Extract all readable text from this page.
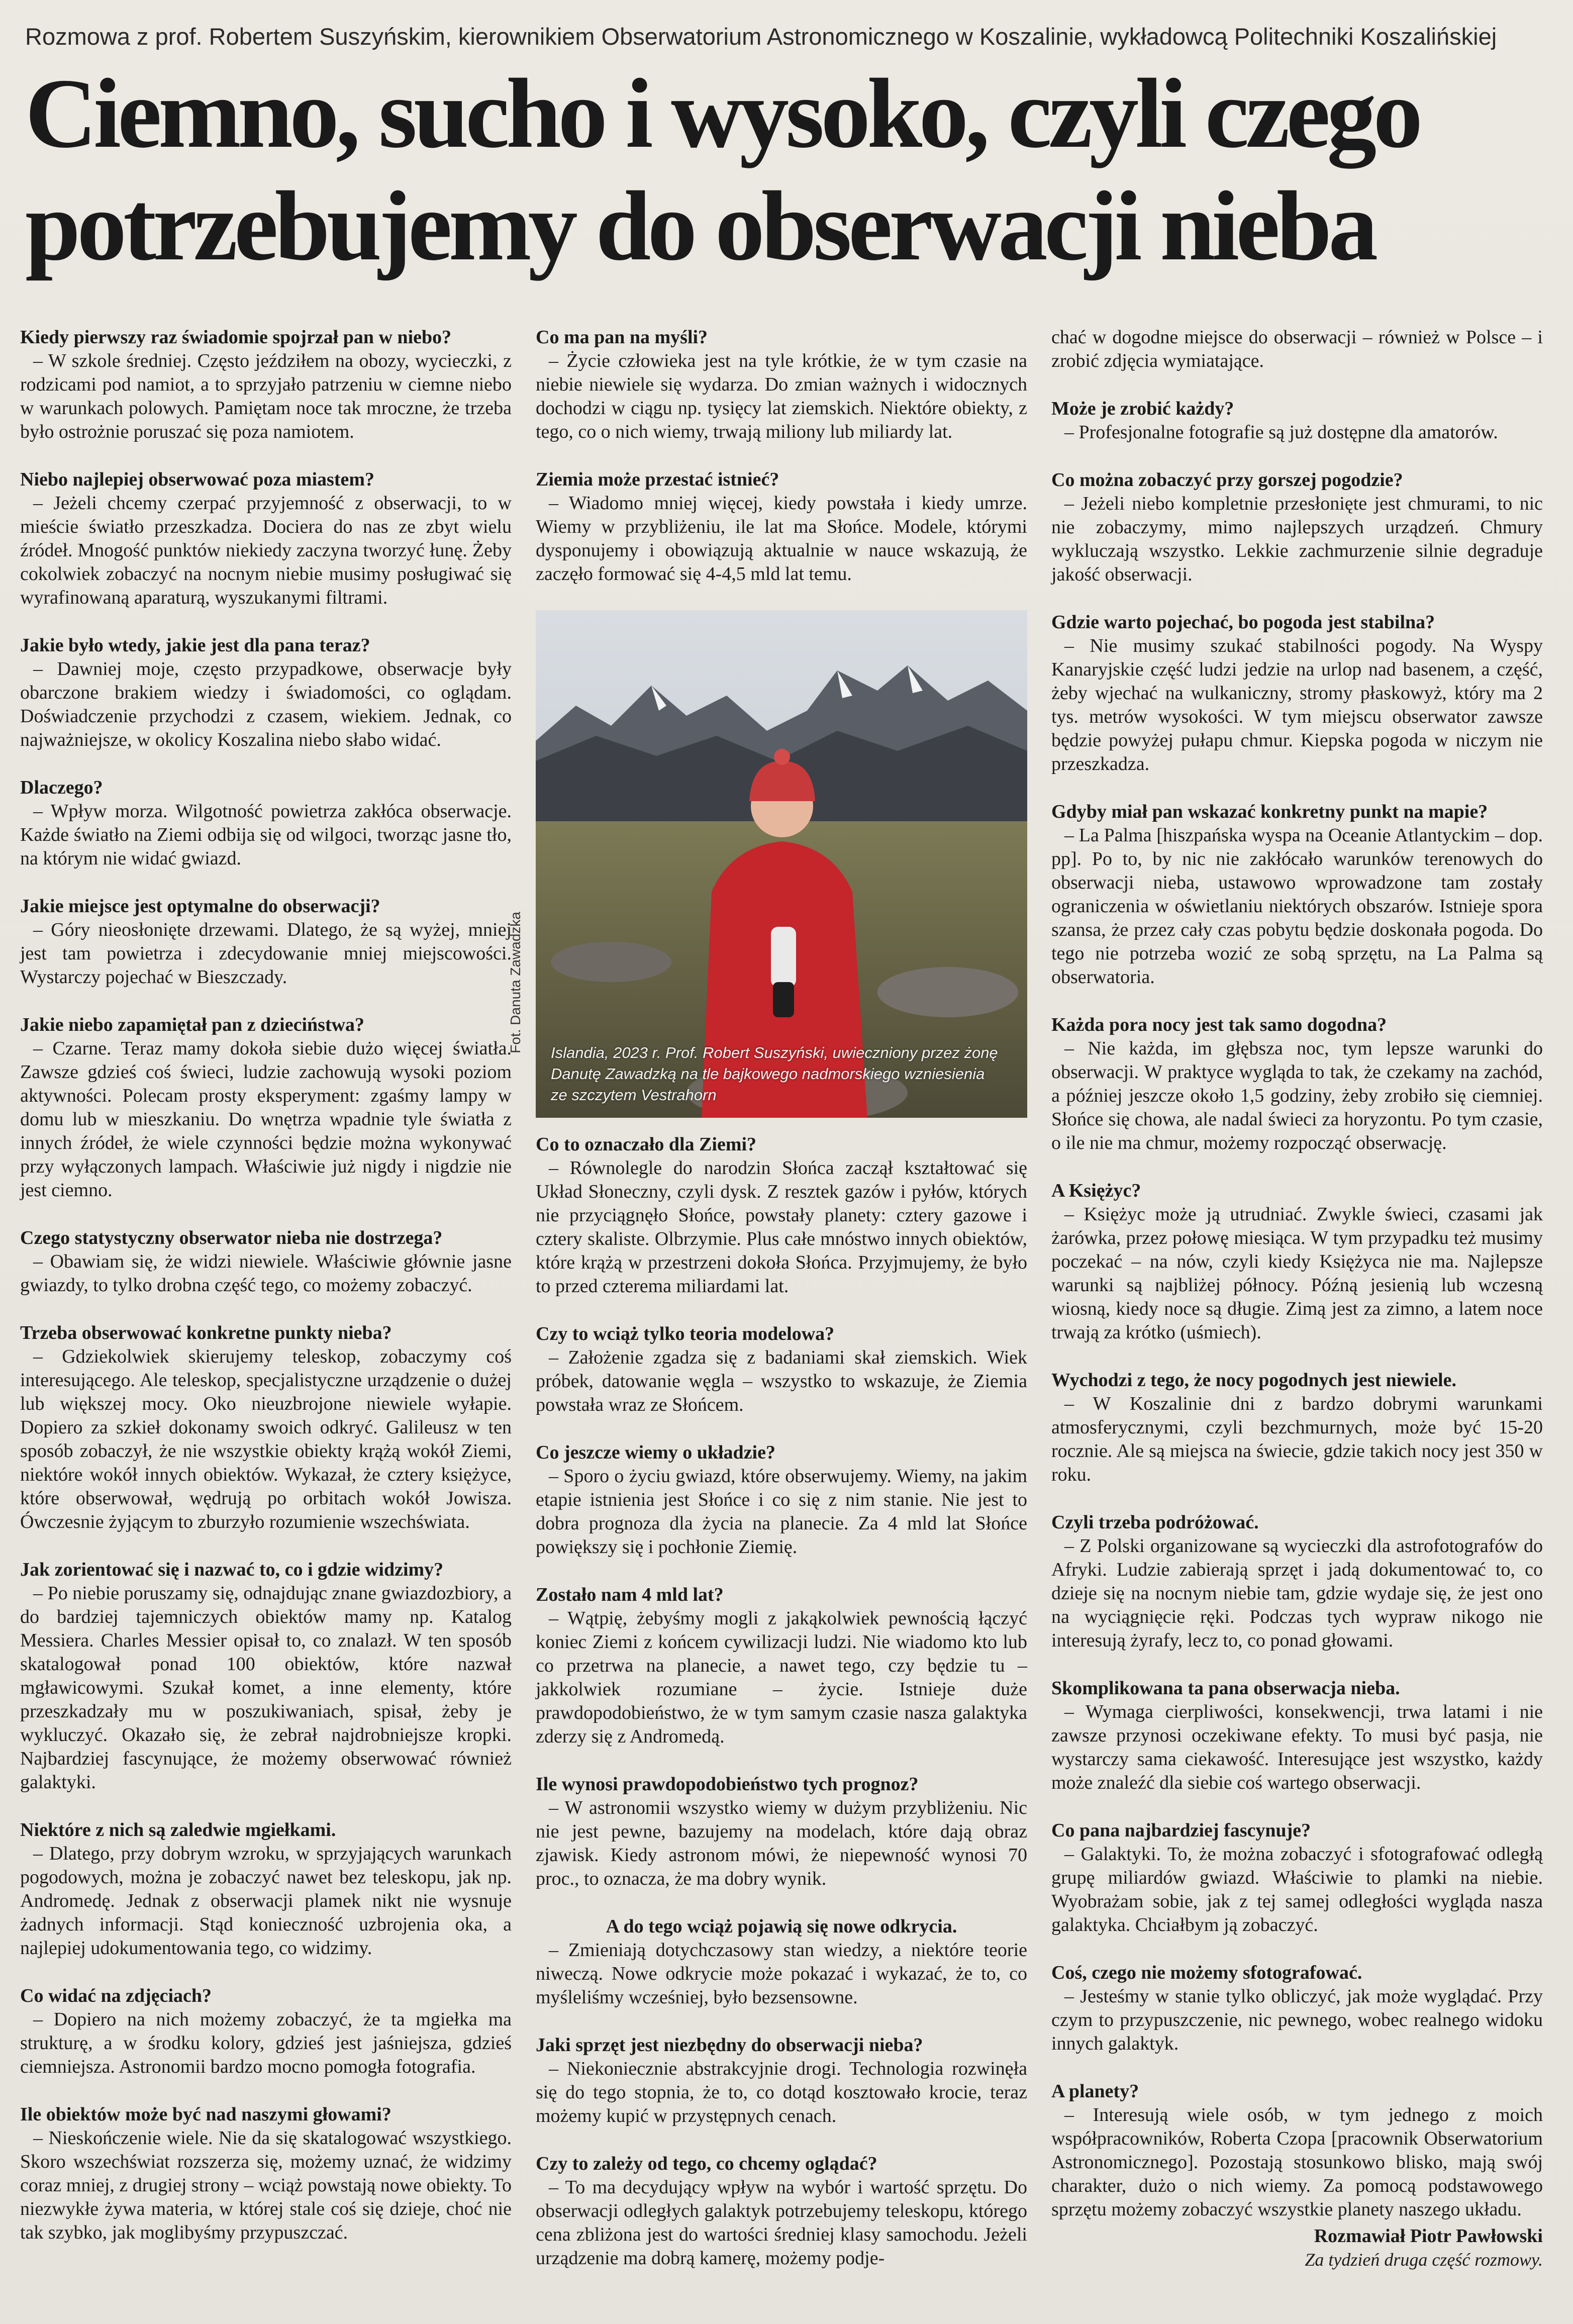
Rozmowa z prof. Robertem Suszyńskim, kierownikiem Obserwatorium Astronomicznego w Koszalinie, wykładowcą Politechniki Koszalińskiej
Ciemno, sucho i wysoko, czyli czego
potrzebujemy do obserwacji nieba

Kiedy pierwszy raz świadomie spojrzał pan w niebo?

– W szkole średniej. Często jeździłem na obozy, wycieczki, z rodzicami pod namiot, a to sprzyjało patrzeniu w ciemne niebo w warunkach polowych. Pamiętam noce tak mroczne, że trzeba było ostrożnie poruszać się poza namiotem.

Niebo najlepiej obserwować poza miastem?

– Jeżeli chcemy czerpać przyjemność z obserwacji, to w mieście światło przeszkadza. Dociera do nas ze zbyt wielu źródeł. Mnogość punktów niekiedy zaczyna tworzyć łunę. Żeby cokolwiek zobaczyć na nocnym niebie musimy posługiwać się wyrafinowaną aparaturą, wyszukanymi filtrami.

Jakie było wtedy, jakie jest dla pana teraz?

– Dawniej moje, często przypadkowe, obserwacje były obarczone brakiem wiedzy i świadomości, co oglądam. Doświadczenie przychodzi z czasem, wiekiem. Jednak, co najważniejsze, w okolicy Koszalina niebo słabo widać.

Dlaczego?

– Wpływ morza. Wilgotność powietrza zakłóca obserwacje. Każde światło na Ziemi odbija się od wilgoci, tworząc jasne tło, na którym nie widać gwiazd.

Jakie miejsce jest optymalne do obserwacji?

– Góry nieosłonięte drzewami. Dlatego, że są wyżej, mniej jest tam powietrza i zdecydowanie mniej miejscowości. Wystarczy pojechać w Bieszczady.

Jakie niebo zapamiętał pan z dzieciństwa?

– Czarne. Teraz mamy dokoła siebie dużo więcej światła. Zawsze gdzieś coś świeci, ludzie zachowują wysoki poziom aktywności. Polecam prosty eksperyment: zgaśmy lampy w domu lub w mieszkaniu. Do wnętrza wpadnie tyle światła z innych źródeł, że wiele czynności będzie można wykonywać przy wyłączonych lampach. Właściwie już nigdy i nigdzie nie jest ciemno.

Czego statystyczny obserwator nieba nie dostrzega?

– Obawiam się, że widzi niewiele. Właściwie głównie jasne gwiazdy, to tylko drobna część tego, co możemy zobaczyć.

Trzeba obserwować konkretne punkty nieba?

– Gdziekolwiek skierujemy teleskop, zobaczymy coś interesującego. Ale teleskop, specjalistyczne urządzenie o dużej lub większej mocy. Oko nieuzbrojone niewiele wyłapie. Dopiero za szkieł dokonamy swoich odkryć. Galileusz w ten sposób zobaczył, że nie wszystkie obiekty krążą wokół Ziemi, niektóre wokół innych obiektów. Wykazał, że cztery księżyce, które obserwował, wędrują po orbitach wokół Jowisza. Ówczesnie żyjącym to zburzyło rozumienie wszechświata.

Jak zorientować się i nazwać to, co i gdzie widzimy?

– Po niebie poruszamy się, odnajdując znane gwiazdozbiory, a do bardziej tajemniczych obiektów mamy np. Katalog Messiera. Charles Messier opisał to, co znalazł. W ten sposób skatalogował ponad 100 obiektów, które nazwał mgławicowymi. Szukał komet, a inne elementy, które przeszkadzały mu w poszukiwaniach, spisał, żeby je wykluczyć. Okazało się, że zebrał najdrobniejsze kropki. Najbardziej fascynujące, że możemy obserwować również galaktyki.

Niektóre z nich są zaledwie mgiełkami.

– Dlatego, przy dobrym wzroku, w sprzyjających warunkach pogodowych, można je zobaczyć nawet bez teleskopu, jak np. Andromedę. Jednak z obserwacji plamek nikt nie wysnuje żadnych informacji. Stąd konieczność uzbrojenia oka, a najlepiej udokumentowania tego, co widzimy.

Co widać na zdjęciach?

– Dopiero na nich możemy zobaczyć, że ta mgiełka ma strukturę, a w środku kolory, gdzieś jest jaśniejsza, gdzieś ciemniejsza. Astronomii bardzo mocno pomogła fotografia.

Ile obiektów może być nad naszymi głowami?

– Nieskończenie wiele. Nie da się skatalogować wszystkiego. Skoro wszechświat rozszerza się, możemy uznać, że widzimy coraz mniej, z drugiej strony – wciąż powstają nowe obiekty. To niezwykłe żywa materia, w której stale coś się dzieje, choć nie tak szybko, jak moglibyśmy przypuszczać.

Co ma pan na myśli?

– Życie człowieka jest na tyle krótkie, że w tym czasie na niebie niewiele się wydarza. Do zmian ważnych i widocznych dochodzi w ciągu np. tysięcy lat ziemskich. Niektóre obiekty, z tego, co o nich wiemy, trwają miliony lub miliardy lat.

Ziemia może przestać istnieć?

– Wiadomo mniej więcej, kiedy powstała i kiedy umrze. Wiemy w przybliżeniu, ile lat ma Słońce. Modele, którymi dysponujemy i obowiązują aktualnie w nauce wskazują, że zaczęło formować się 4-4,5 mld lat temu.

Islandia, 2023 r. Prof. Robert Suszyński, uwieczniony przez żonę Danutę Zawadzką na tle bajkowego nadmorskiego wzniesienia ze szczytem Vestrahorn
Fot. Danuta Zawadzka

Co to oznaczało dla Ziemi?

– Równolegle do narodzin Słońca zaczął kształtować się Układ Słoneczny, czyli dysk. Z resztek gazów i pyłów, których nie przyciągnęło Słońce, powstały planety: cztery gazowe i cztery skaliste. Olbrzymie. Plus całe mnóstwo innych obiektów, które krążą w przestrzeni dokoła Słońca. Przyjmujemy, że było to przed czterema miliardami lat.

Czy to wciąż tylko teoria modelowa?

– Założenie zgadza się z badaniami skał ziemskich. Wiek próbek, datowanie węgla – wszystko to wskazuje, że Ziemia powstała wraz ze Słońcem.

Co jeszcze wiemy o układzie?

– Sporo o życiu gwiazd, które obserwujemy. Wiemy, na jakim etapie istnienia jest Słońce i co się z nim stanie. Nie jest to dobra prognoza dla życia na planecie. Za 4 mld lat Słońce powiększy się i pochłonie Ziemię.

Zostało nam 4 mld lat?

– Wątpię, żebyśmy mogli z jakąkolwiek pewnością łączyć koniec Ziemi z końcem cywilizacji ludzi. Nie wiadomo kto lub co przetrwa na planecie, a nawet tego, czy będzie tu – jakkolwiek rozumiane – życie. Istnieje duże prawdopodobieństwo, że w tym samym czasie nasza galaktyka zderzy się z Andromedą.

Ile wynosi prawdopodobieństwo tych prognoz?

– W astronomii wszystko wiemy w dużym przybliżeniu. Nic nie jest pewne, bazujemy na modelach, które dają obraz zjawisk. Kiedy astronom mówi, że niepewność wynosi 70 proc., to oznacza, że ma dobry wynik.

A do tego wciąż pojawią się nowe odkrycia.

– Zmieniają dotychczasowy stan wiedzy, a niektóre teorie niweczą. Nowe odkrycie może pokazać i wykazać, że to, co myśleliśmy wcześniej, było bezsensowne.

Jaki sprzęt jest niezbędny do obserwacji nieba?

– Niekoniecznie abstrakcyjnie drogi. Technologia rozwinęła się do tego stopnia, że to, co dotąd kosztowało krocie, teraz możemy kupić w przystępnych cenach.

Czy to zależy od tego, co chcemy oglądać?

– To ma decydujący wpływ na wybór i wartość sprzętu. Do obserwacji odległych galaktyk potrzebujemy teleskopu, którego cena zbliżona jest do wartości średniej klasy samochodu. Jeżeli urządzenie ma dobrą kamerę, możemy podje-

chać w dogodne miejsce do obserwacji – również w Polsce – i zrobić zdjęcia wymiatające.

Może je zrobić każdy?

– Profesjonalne fotografie są już dostępne dla amatorów.

Co można zobaczyć przy gorszej pogodzie?

– Jeżeli niebo kompletnie przesłonięte jest chmurami, to nic nie zobaczymy, mimo najlepszych urządzeń. Chmury wykluczają wszystko. Lekkie zachmurzenie silnie degraduje jakość obserwacji.

Gdzie warto pojechać, bo pogoda jest stabilna?

– Nie musimy szukać stabilności pogody. Na Wyspy Kanaryjskie część ludzi jedzie na urlop nad basenem, a część, żeby wjechać na wulkaniczny, stromy płaskowyż, który ma 2 tys. metrów wysokości. W tym miejscu obserwator zawsze będzie powyżej pułapu chmur. Kiepska pogoda w niczym nie przeszkadza.

Gdyby miał pan wskazać konkretny punkt na mapie?

– La Palma [hiszpańska wyspa na Oceanie Atlantyckim – dop. pp]. Po to, by nic nie zakłócało warunków terenowych do obserwacji nieba, ustawowo wprowadzone tam zostały ograniczenia w oświetlaniu niektórych obszarów. Istnieje spora szansa, że przez cały czas pobytu będzie doskonała pogoda. Do tego nie potrzeba wozić ze sobą sprzętu, na La Palma są obserwatoria.

Każda pora nocy jest tak samo dogodna?

– Nie każda, im głębsza noc, tym lepsze warunki do obserwacji. W praktyce wygląda to tak, że czekamy na zachód, a później jeszcze około 1,5 godziny, żeby zrobiło się ciemniej. Słońce się chowa, ale nadal świeci za horyzontu. Po tym czasie, o ile nie ma chmur, możemy rozpocząć obserwację.

A Księżyc?

– Księżyc może ją utrudniać. Zwykle świeci, czasami jak żarówka, przez połowę miesiąca. W tym przypadku też musimy poczekać – na nów, czyli kiedy Księżyca nie ma. Najlepsze warunki są najbliżej północy. Późną jesienią lub wczesną wiosną, kiedy noce są długie. Zimą jest za zimno, a latem noce trwają za krótko (uśmiech).

Wychodzi z tego, że nocy pogodnych jest niewiele.

– W Koszalinie dni z bardzo dobrymi warunkami atmosferycznymi, czyli bezchmurnych, może być 15-20 rocznie. Ale są miejsca na świecie, gdzie takich nocy jest 350 w roku.

Czyli trzeba podróżować.

– Z Polski organizowane są wycieczki dla astrofotografów do Afryki. Ludzie zabierają sprzęt i jadą dokumentować to, co dzieje się na nocnym niebie tam, gdzie wydaje się, że jest ono na wyciągnięcie ręki. Podczas tych wypraw nikogo nie interesują żyrafy, lecz to, co ponad głowami.

Skomplikowana ta pana obserwacja nieba.

– Wymaga cierpliwości, konsekwencji, trwa latami i nie zawsze przynosi oczekiwane efekty. To musi być pasja, nie wystarczy sama ciekawość. Interesujące jest wszystko, każdy może znaleźć dla siebie coś wartego obserwacji.

Co pana najbardziej fascynuje?

– Galaktyki. To, że można zobaczyć i sfotografować odległą grupę miliardów gwiazd. Właściwie to plamki na niebie. Wyobrażam sobie, jak z tej samej odległości wygląda nasza galaktyka. Chciałbym ją zobaczyć.

Coś, czego nie możemy sfotografować.

– Jesteśmy w stanie tylko obliczyć, jak może wyglądać. Przy czym to przypuszczenie, nic pewnego, wobec realnego widoku innych galaktyk.

A planety?

– Interesują wiele osób, w tym jednego z moich współpracowników, Roberta Czopa [pracownik Obserwatorium Astronomicznego]. Pozostają stosunkowo blisko, mają swój charakter, dużo o nich wiemy. Za pomocą podstawowego sprzętu możemy zobaczyć wszystkie planety naszego układu.

Rozmawiał Piotr Pawłowski

Za tydzień druga część rozmowy.
